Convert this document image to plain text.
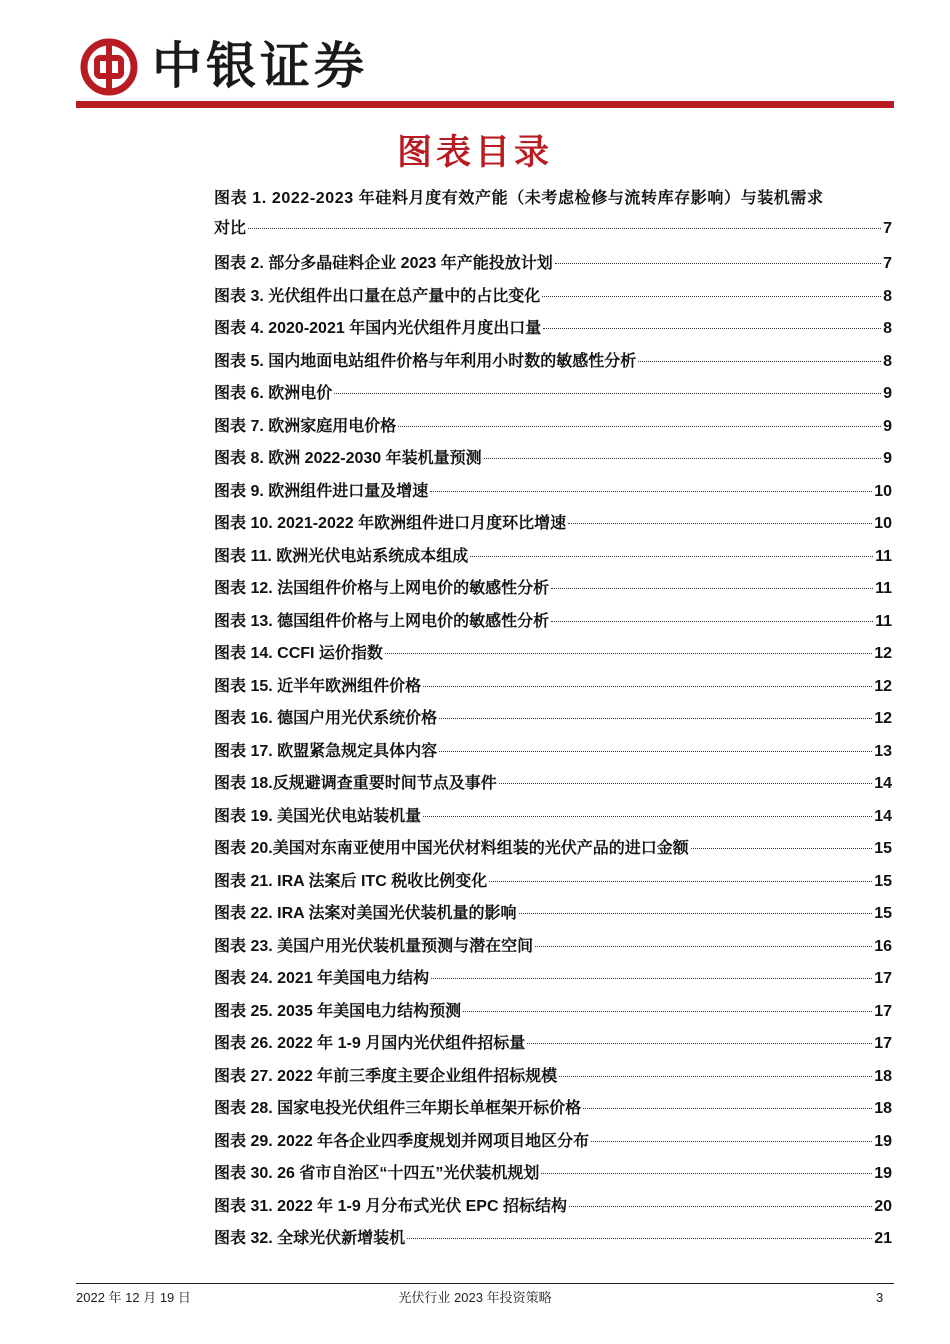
中银证券
图表目录
图表 1. 2022-2023 年硅料月度有效产能（未考虑检修与流转库存影响）与装机需求
对比	7
图表 2. 部分多晶硅料企业 2023 年产能投放计划	7
图表 3. 光伏组件出口量在总产量中的占比变化	8
图表 4. 2020-2021 年国内光伏组件月度出口量	8
图表 5. 国内地面电站组件价格与年利用小时数的敏感性分析	8
图表 6. 欧洲电价	9
图表 7. 欧洲家庭用电价格	9
图表 8. 欧洲 2022-2030 年装机量预测	9
图表 9. 欧洲组件进口量及增速	10
图表 10. 2021-2022 年欧洲组件进口月度环比增速	10
图表 11. 欧洲光伏电站系统成本组成	11
图表 12. 法国组件价格与上网电价的敏感性分析	11
图表 13. 德国组件价格与上网电价的敏感性分析	11
图表 14. CCFI 运价指数	12
图表 15. 近半年欧洲组件价格	12
图表 16. 德国户用光伏系统价格	12
图表 17. 欧盟紧急规定具体内容	13
图表 18.反规避调查重要时间节点及事件	14
图表 19. 美国光伏电站装机量	14
图表 20.美国对东南亚使用中国光伏材料组装的光伏产品的进口金额	15
图表 21. IRA 法案后 ITC 税收比例变化	15
图表 22. IRA 法案对美国光伏装机量的影响	15
图表 23. 美国户用光伏装机量预测与潜在空间	16
图表 24. 2021 年美国电力结构	17
图表 25. 2035 年美国电力结构预测	17
图表 26. 2022 年 1-9 月国内光伏组件招标量	17
图表 27. 2022 年前三季度主要企业组件招标规模	18
图表 28. 国家电投光伏组件三年期长单框架开标价格	18
图表 29. 2022 年各企业四季度规划并网项目地区分布	19
图表 30. 26 省市自治区“十四五”光伏装机规划	19
图表 31. 2022 年 1-9 月分布式光伏 EPC 招标结构	20
图表 32. 全球光伏新增装机	21
2022 年 12 月 19 日	光伏行业 2023 年投资策略	3
